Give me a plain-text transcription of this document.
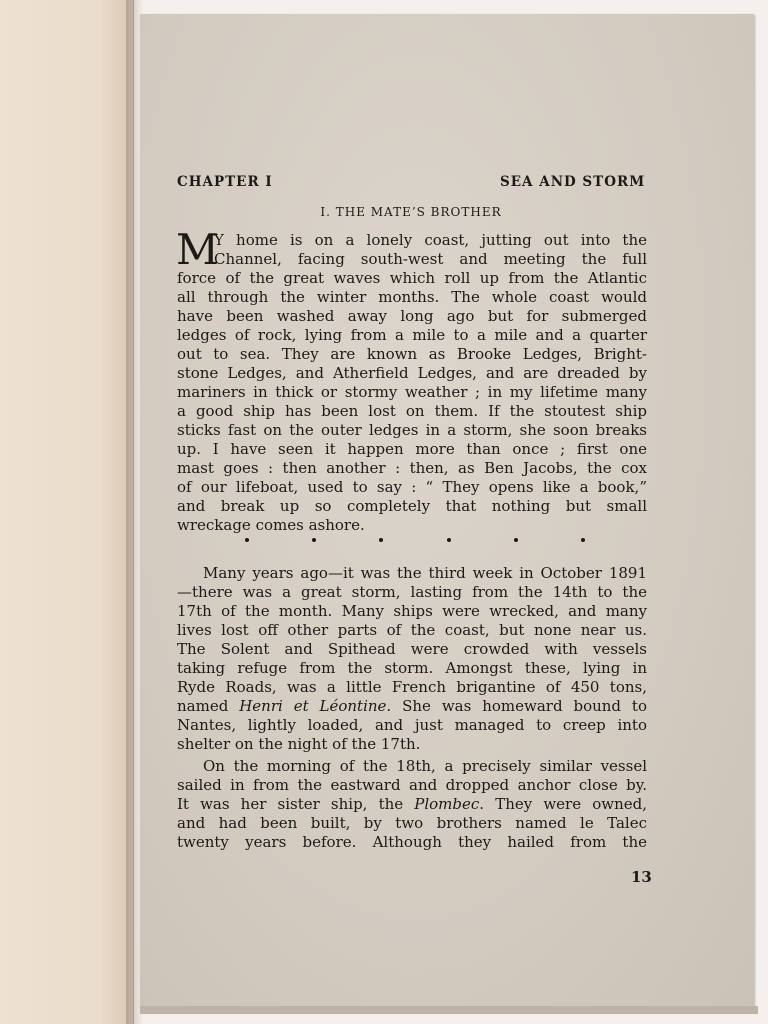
CHAPTER I	SEA AND STORM
I. THE MATE’S BROTHER
M
Y home is on a lonely coast, jutting out into the
Channel, facing south-west and meeting the full
force of the great waves which roll up from the Atlantic
all through the winter months. The whole coast would
have been washed away long ago but for submerged
ledges of rock, lying from a mile to a mile and a quarter
out to sea. They are known as Brooke Ledges, Bright-
stone Ledges, and Atherfield Ledges, and are dreaded by
mariners in thick or stormy weather ; in my lifetime many
a good ship has been lost on them. If the stoutest ship
sticks fast on the outer ledges in a storm, she soon breaks
up. I have seen it happen more than once ; first one
mast goes : then another : then, as Ben Jacobs, the cox
of our lifeboat, used to say : “ They opens like a book,”
and break up so completely that nothing but small
wreckage comes ashore.
Many years ago—it was the third week in October 1891
—there was a great storm, lasting from the 14th to the
17th of the month. Many ships were wrecked, and many
lives lost off other parts of the coast, but none near us.
The Solent and Spithead were crowded with vessels
taking refuge from the storm. Amongst these, lying in
Ryde Roads, was a little French brigantine of 450 tons,
named Henri et Léontine. She was homeward bound to
Nantes, lightly loaded, and just managed to creep into
shelter on the night of the 17th.
On the morning of the 18th, a precisely similar vessel
sailed in from the eastward and dropped anchor close by.
It was her sister ship, the Plombec. They were owned,
and had been built, by two brothers named le Talec
twenty years before. Although they hailed from the
13
